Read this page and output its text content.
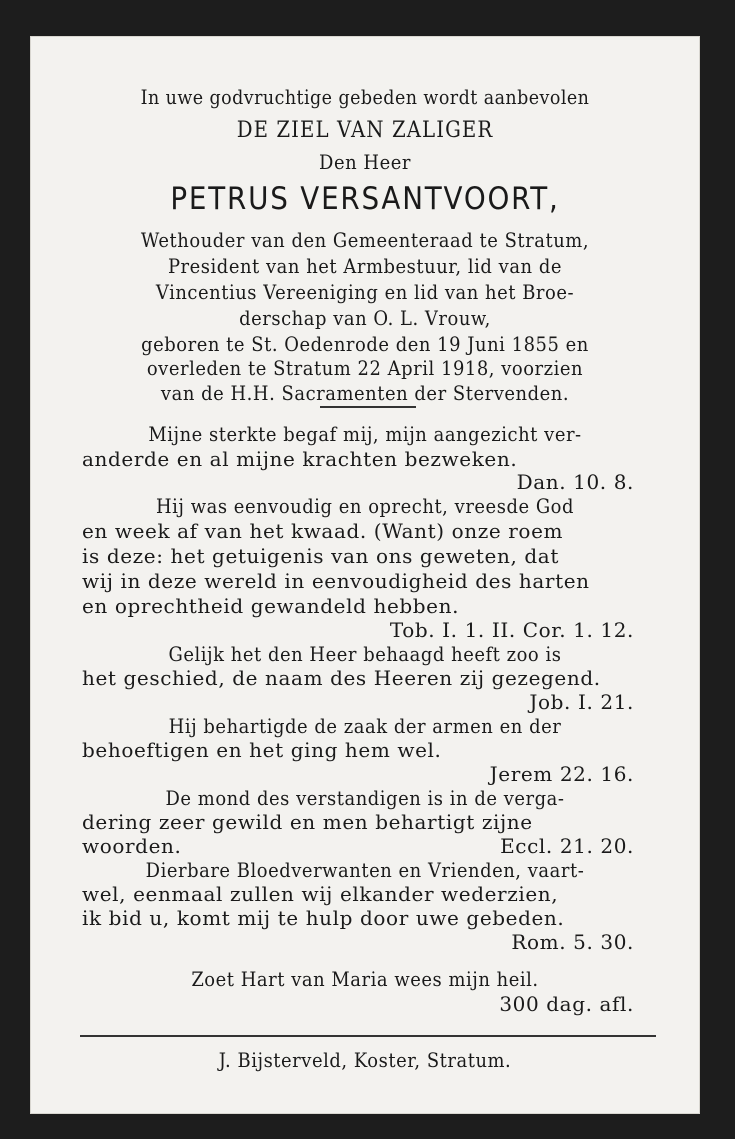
In uwe godvruchtige gebeden wordt aanbevolen
DE ZIEL VAN ZALIGER
Den Heer
PETRUS VERSANTVOORT,
Wethouder van den Gemeenteraad te Stratum,
President van het Armbestuur, lid van de
Vincentius Vereeniging en lid van het Broe-
derschap van O. L. Vrouw,
geboren te St. Oedenrode den 19 Juni 1855 en
overleden te Stratum 22 April 1918, voorzien
van de H.H. Sacramenten der Stervenden.
Mijne sterkte begaf mij, mijn aangezicht ver-
anderde en al mijne krachten bezweken.
Dan. 10. 8.
Hij was eenvoudig en oprecht, vreesde God
en week af van het kwaad. (Want) onze roem
is deze: het getuigenis van ons geweten, dat
wij in deze wereld in eenvoudigheid des harten
en oprechtheid gewandeld hebben.
Tob. I. 1. II. Cor. 1. 12.
Gelijk het den Heer behaagd heeft zoo is
het geschied, de naam des Heeren zij gezegend.
Job. I. 21.
Hij behartigde de zaak der armen en der
behoeftigen en het ging hem wel.
Jerem 22. 16.
De mond des verstandigen is in de verga-
dering zeer gewild en men behartigt zijne
woorden.	Eccl. 21. 20.
Dierbare Bloedverwanten en Vrienden, vaart-
wel, eenmaal zullen wij elkander wederzien,
ik bid u, komt mij te hulp door uwe gebeden.
Rom. 5. 30.
Zoet Hart van Maria wees mijn heil.
300 dag. afl.
J. Bijsterveld, Koster, Stratum.
